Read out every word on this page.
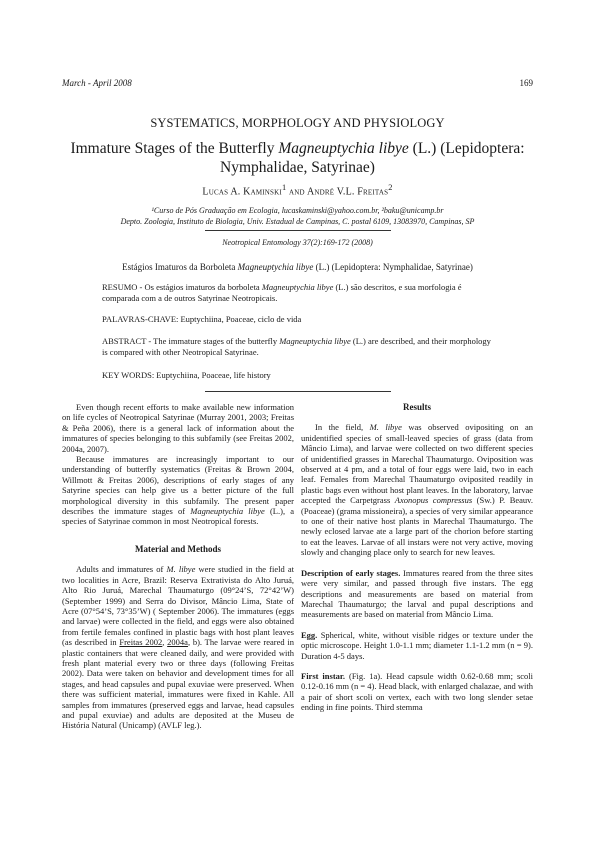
March - April 2008	169
SYSTEMATICS, MORPHOLOGY AND PHYSIOLOGY
Immature Stages of the Butterfly Magneuptychia libye (L.) (Lepidoptera: Nymphalidae, Satyrinae)
Lucas A. Kaminski$^1$ and André V.L. Freitas$^2$
¹Curso de Pós Graduação em Ecologia, lucaskaminski@yahoo.com.br, ²baku@unicamp.br
Depto. Zoologia, Instituto de Biologia, Univ. Estadual de Campinas, C. postal 6109, 13083970, Campinas, SP
Neotropical Entomology 37(2):169-172 (2008)
Estágios Imaturos da Borboleta Magneuptychia libye (L.) (Lepidoptera: Nymphalidae, Satyrinae)
RESUMO - Os estágios imaturos da borboleta Magneuptychia libye (L.) são descritos, e sua morfologia é comparada com a de outros Satyrinae Neotropicais.
PALAVRAS-CHAVE: Euptychiina, Poaceae, ciclo de vida
ABSTRACT - The immature stages of the butterfly Magneuptychia libye (L.) are described, and their morphology is compared with other Neotropical Satyrinae.
KEY WORDS: Euptychiina, Poaceae, life history

Even though recent efforts to make available new information on life cycles of Neotropical Satyrinae (Murray 2001, 2003; Freitas & Peña 2006), there is a general lack of information about the immatures of species belonging to this subfamily (see Freitas 2002, 2004a, 2007).

Because immatures are increasingly important to our understanding of butterfly systematics (Freitas & Brown 2004, Willmott & Freitas 2006), descriptions of early stages of any Satyrine species can help give us a better picture of the full morphological diversity in this subfamily. The present paper describes the immature stages of Magneuptychia libye (L.), a species of Satyrinae common in most Neotropical forests.

Material and Methods

Adults and immatures of M. libye were studied in the field at two localities in Acre, Brazil: Reserva Extrativista do Alto Juruá, Alto Rio Juruá, Marechal Thaumaturgo (09°24’S, 72°42’W) (September 1999) and Serra do Divisor, Mâncio Lima, State of Acre (07°54’S, 73°35’W) ( September 2006). The immatures (eggs and larvae) were collected in the field, and eggs were also obtained from fertile females confined in plastic bags with host plant leaves (as described in Freitas 2002, 2004a, b). The larvae were reared in plastic containers that were cleaned daily, and were provided with fresh plant material every two or three days (following Freitas 2002). Data were taken on behavior and development times for all stages, and head capsules and pupal exuviae were preserved. When there was sufficient material, immatures were fixed in Kahle. All samples from immatures (preserved eggs and larvae, head capsules and pupal exuviae) and adults are deposited at the Museu de História Natural (Unicamp) (AVLF leg.).

Results

In the field, M. libye was observed ovipositing on an unidentified species of small-leaved species of grass (data from Mâncio Lima), and larvae were collected on two different species of unidentified grasses in Marechal Thaumaturgo. Oviposition was observed at 4 pm, and a total of four eggs were laid, two in each leaf. Females from Marechal Thaumaturgo oviposited readily in plastic bags even without host plant leaves. In the laboratory, larvae accepted the Carpetgrass Axonopus compressus (Sw.) P. Beauv. (Poaceae) (grama missioneira), a species of very similar appearance to one of their native host plants in Marechal Thaumaturgo. The newly eclosed larvae ate a large part of the chorion before starting to eat the leaves. Larvae of all instars were not very active, moving slowly and changing place only to search for new leaves.

Description of early stages. Immatures reared from the three sites were very similar, and passed through five instars. The egg descriptions and measurements are based on material from Marechal Thaumaturgo; the larval and pupal descriptions and measurements are based on material from Mâncio Lima.

Egg. Spherical, white, without visible ridges or texture under the optic microscope. Height 1.0-1.1 mm; diameter 1.1-1.2 mm (n = 9). Duration 4-5 days.

First instar. (Fig. 1a). Head capsule width 0.62-0.68 mm; scoli 0.12-0.16 mm (n = 4). Head black, with enlarged chalazae, and with a pair of short scoli on vertex, each with two long slender setae ending in fine points. Third stemma
